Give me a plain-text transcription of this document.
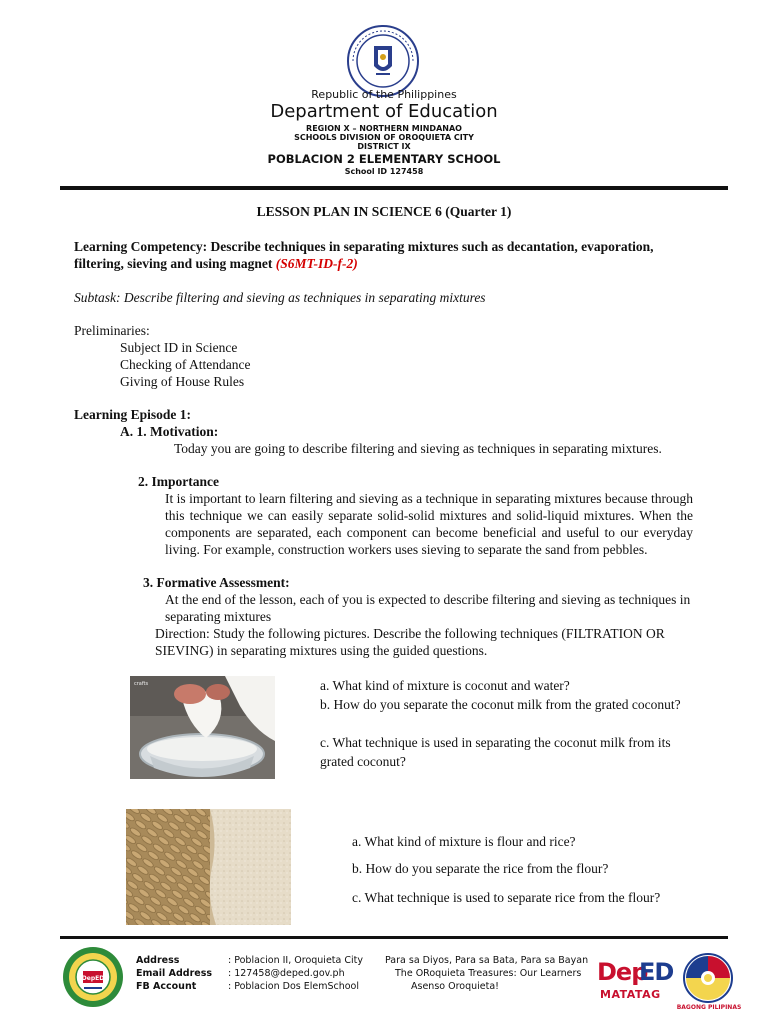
Republic of the Philippines
Department of Education
REGION X – NORTHERN MINDANAO
SCHOOLS DIVISION OF OROQUIETA CITY
DISTRICT IX
POBLACION 2 ELEMENTARY SCHOOL
School ID 127458
LESSON PLAN IN SCIENCE 6 (Quarter 1)
Learning Competency: Describe techniques in separating mixtures such as decantation, evaporation, filtering, sieving and using magnet (S6MT-ID-f-2)
Subtask: Describe filtering and sieving as techniques in separating mixtures
Preliminaries:
Subject ID in Science
Checking of Attendance
Giving of House Rules
Learning Episode 1:
A. 1. Motivation:
Today you are going to describe filtering and sieving as techniques in separating mixtures.
2. Importance
It is important to learn filtering and sieving as a technique in separating mixtures because through this technique we can easily separate solid-solid mixtures and solid-liquid mixtures. When the components are separated, each component can become beneficial and useful to our everyday living. For example, construction workers uses sieving to separate the sand from pebbles.
3. Formative Assessment:
At the end of the lesson, each of you is expected to describe filtering and sieving as techniques in separating mixtures
Direction: Study the following pictures. Describe the following techniques (FILTRATION OR SIEVING) in separating mixtures using the guided questions.
crafts	a. What kind of mixture is coconut and water?
b. How do you separate the coconut milk from the grated coconut?
c. What technique is used in separating the coconut milk from its grated coconut?
a. What kind of mixture is flour and rice?
b. How do you separate the rice from the flour?
c. What technique is used to separate rice from the flour?
DepED
Address
Email Address
FB Account
: Poblacion II, Oroquieta City
: 127458@deped.gov.ph
: Poblacion Dos ElemSchool
Para sa Diyos, Para sa Bata, Para sa Bayan
The ORoquieta Treasures: Our Learners
Asenso Oroquieta!
Dep
ED
MATATAG
BAGONG PILIPINAS
